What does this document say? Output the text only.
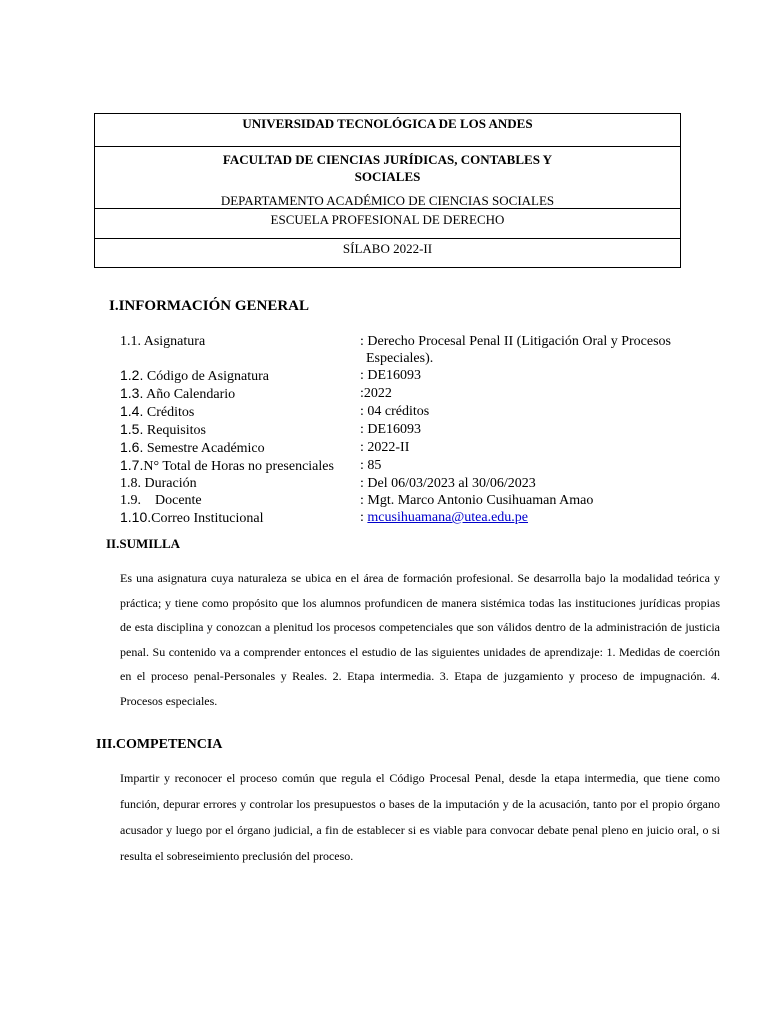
UNIVERSIDAD TECNOLÓGICA DE LOS ANDES
FACULTAD DE CIENCIAS JURÍDICAS, CONTABLES Y
SOCIALES
DEPARTAMENTO ACADÉMICO DE CIENCIAS SOCIALES
ESCUELA PROFESIONAL DE DERECHO
SÍLABO 2022-II
I.INFORMACIÓN GENERAL
1.1. Asignatura	: Derecho Procesal Penal II (Litigación Oral y Procesos
Especiales).
1.2. Código de Asignatura	: DE16093
1.3. Año Calendario	:2022
1.4. Créditos	: 04 créditos
1.5. Requisitos	: DE16093
1.6. Semestre Académico	: 2022-II
1.7.N° Total de Horas no presenciales	: 85
1.8. Duración	: Del 06/03/2023 al 30/06/2023
1.9.    Docente	: Mgt. Marco Antonio Cusihuaman Amao
1.10.Correo Institucional	: mcusihuamana@utea.edu.pe
II.SUMILLA
Es una asignatura cuya naturaleza se ubica en el área de formación profesional. Se desarrolla bajo la modalidad teórica y práctica; y tiene como propósito que los alumnos profundicen de manera sistémica todas las instituciones jurídicas propias de esta disciplina y conozcan a plenitud los procesos competenciales que son válidos dentro de la administración de justicia penal. Su contenido va a comprender entonces el estudio de las siguientes unidades de aprendizaje: 1. Medidas de coerción en el proceso penal-Personales y Reales. 2. Etapa intermedia. 3. Etapa de juzgamiento y proceso de impugnación. 4. Procesos especiales.
III.COMPETENCIA
Impartir y reconocer el proceso común que regula el Código Procesal Penal, desde la etapa intermedia, que tiene como función, depurar errores y controlar los presupuestos o bases de la imputación y de la acusación, tanto por el propio órgano acusador y luego por el órgano judicial, a fin de establecer si es viable para convocar debate penal pleno en juicio oral, o si resulta el sobreseimiento preclusión del proceso.
